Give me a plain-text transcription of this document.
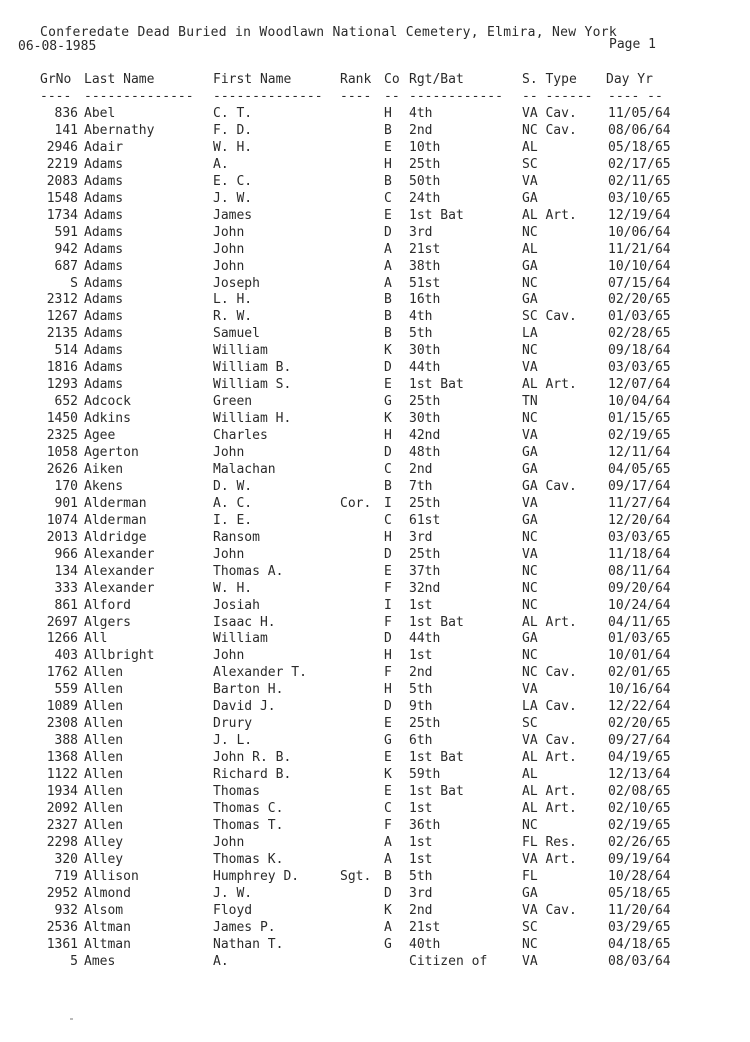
Conferedate Dead Buried in Woodlawn National Cemetery, Elmira, New York
06-08-1985	Page 1
GrNo Last Name	First Name	Rank Co Rgt/Bat	S. Type Day Yr
---- -------------- -------------- ---- -- ------------ -- ------ ---- --
836 Abel	C. T.	H 4th	VA Cav. 11/05/64
141 Abernathy	F. D.	B 2nd	NC Cav. 08/06/64
2946 Adair	W. H.	E 10th	AL	05/18/65
2219 Adams	A.	H 25th	SC	02/17/65
2083 Adams	E. C.	B 50th	VA	02/11/65
1548 Adams	J. W.	C 24th	GA	03/10/65
1734 Adams	James	E 1st Bat	AL Art. 12/19/64
591 Adams	John	D 3rd	NC	10/06/64
942 Adams	John	A 21st	AL	11/21/64
687 Adams	John	A 38th	GA	10/10/64
S Adams	Joseph	A 51st	NC	07/15/64
2312 Adams	L. H.	B 16th	GA	02/20/65
1267 Adams	R. W.	B 4th	SC Cav. 01/03/65
2135 Adams	Samuel	B 5th	LA	02/28/65
514 Adams	William	K 30th	NC	09/18/64
1816 Adams	William B.	D 44th	VA	03/03/65
1293 Adams	William S.	E 1st Bat	AL Art. 12/07/64
652 Adcock	Green	G 25th	TN	10/04/64
1450 Adkins	William H.	K 30th	NC	01/15/65
2325 Agee	Charles	H 42nd	VA	02/19/65
1058 Agerton	John	D 48th	GA	12/11/64
2626 Aiken	Malachan	C 2nd	GA	04/05/65
170 Akens	D. W.	B 7th	GA Cav. 09/17/64
901 Alderman	A. C.	Cor. I 25th	VA	11/27/64
1074 Alderman	I. E.	C 61st	GA	12/20/64
2013 Aldridge	Ransom	H 3rd	NC	03/03/65
966 Alexander	John	D 25th	VA	11/18/64
134 Alexander	Thomas A.	E 37th	NC	08/11/64
333 Alexander	W. H.	F 32nd	NC	09/20/64
861 Alford	Josiah	I 1st	NC	10/24/64
2697 Algers	Isaac H.	F 1st Bat	AL Art. 04/11/65
1266 All	William	D 44th	GA	01/03/65
403 Allbright	John	H 1st	NC	10/01/64
1762 Allen	Alexander T.	F 2nd	NC Cav. 02/01/65
559 Allen	Barton H.	H 5th	VA	10/16/64
1089 Allen	David J.	D 9th	LA Cav. 12/22/64
2308 Allen	Drury	E 25th	SC	02/20/65
388 Allen	J. L.	G 6th	VA Cav. 09/27/64
1368 Allen	John R. B.	E 1st Bat	AL Art. 04/19/65
1122 Allen	Richard B.	K 59th	AL	12/13/64
1934 Allen	Thomas	E 1st Bat	AL Art. 02/08/65
2092 Allen	Thomas C.	C 1st	AL Art. 02/10/65
2327 Allen	Thomas T.	F 36th	NC	02/19/65
2298 Alley	John	A 1st	FL Res. 02/26/65
320 Alley	Thomas K.	A 1st	VA Art. 09/19/64
719 Allison	Humphrey D.	Sgt. B 5th	FL	10/28/64
2952 Almond	J. W.	D 3rd	GA	05/18/65
932 Alsom	Floyd	K 2nd	VA Cav. 11/20/64
2536 Altman	James P.	A 21st	SC	03/29/65
1361 Altman	Nathan T.	G 40th	NC	04/18/65
5 Ames	A.	Citizen of	VA	08/03/64
